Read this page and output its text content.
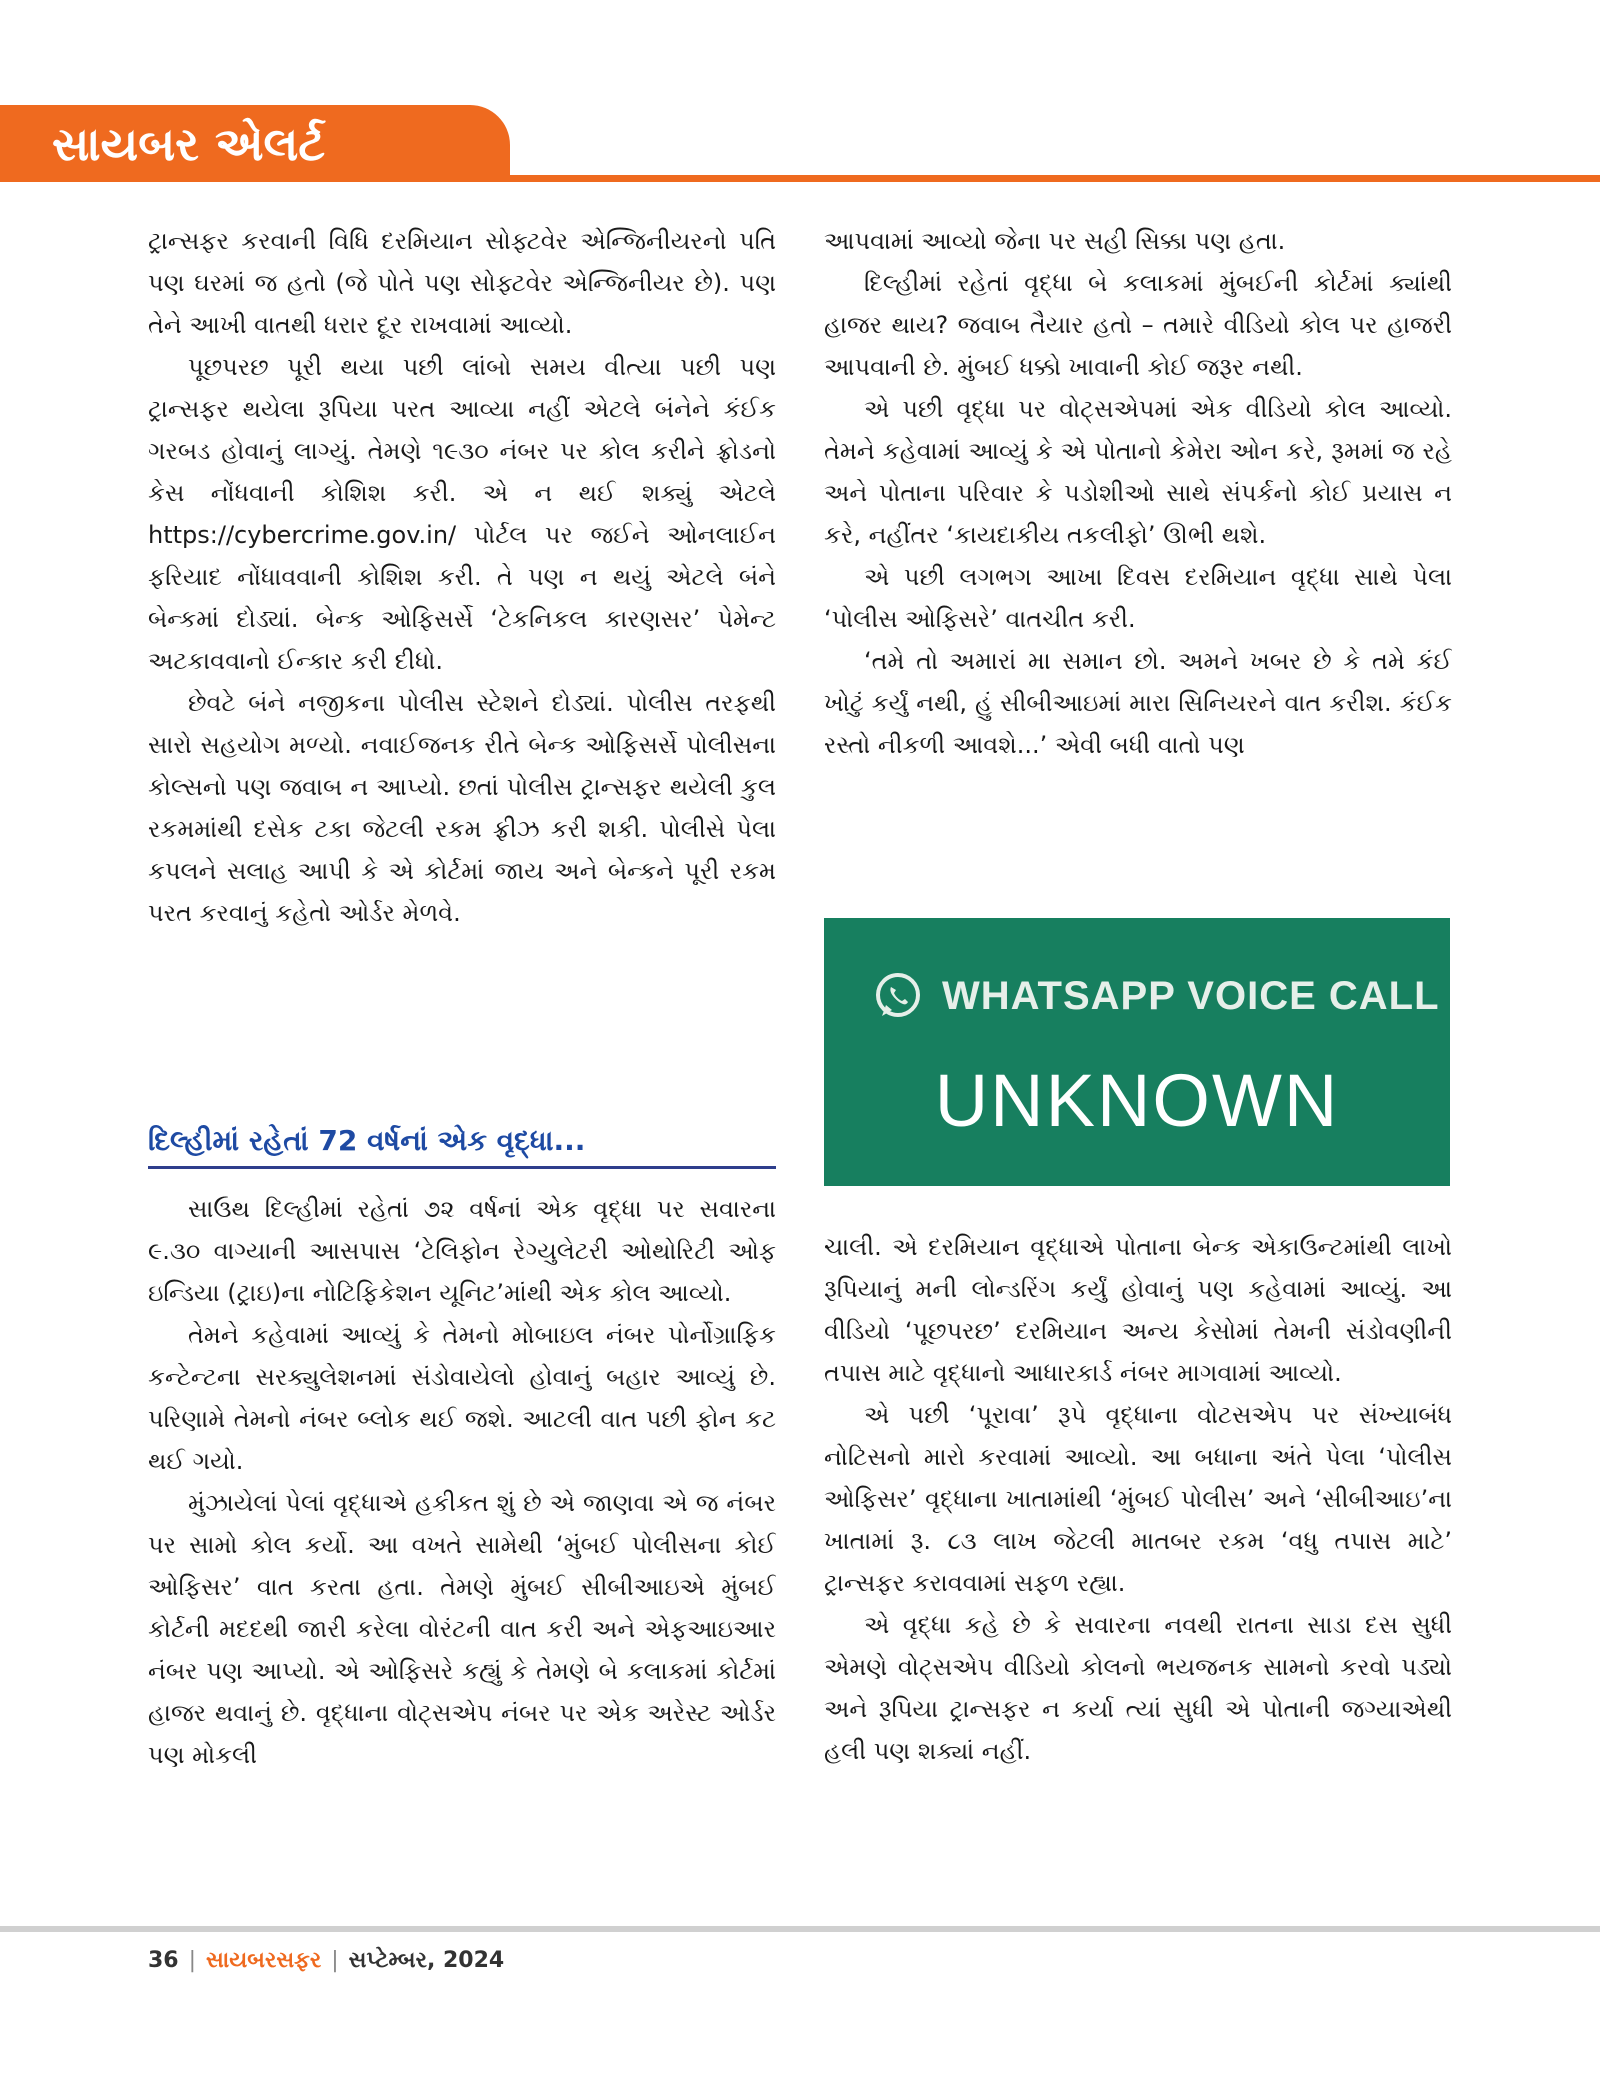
સાયબર એલર્ટ

ટ્રાન્સફર કરવાની વિધિ દરમિયાન સોફ્ટવેર એન્જિનીયરનો પતિ પણ ઘરમાં જ હતો (જે પોતે પણ સોફ્ટવેર એન્જિનીયર છે). પણ તેને આખી વાતથી ધરાર દૂર રાખવામાં આવ્યો.

પૂછપરછ પૂરી થયા પછી લાંબો સમય વીત્યા પછી પણ ટ્રાન્સફર થયેલા રૂપિયા પરત આવ્યા નહીં એટલે બંનેને કંઈક ગરબડ હોવાનું લાગ્યું. તેમણે ૧૯૩૦ નંબર પર કોલ કરીને ફ્રોડનો કેસ નોંધવાની કોશિશ કરી. એ ન થઈ શક્યું એટલે https://cybercrime.gov.in/ પોર્ટલ પર જઈને ઓનલાઈન ફરિયાદ નોંધાવવાની કોશિશ કરી. તે પણ ન થયું એટલે બંને બેન્કમાં દોડ્યાં. બેન્ક ઓફિસર્સે ‘ટેકનિકલ કારણસર’ પેમેન્ટ અટકાવવાનો ઈન્કાર કરી દીધો.

છેવટે બંને નજીકના પોલીસ સ્ટેશને દોડ્યાં. પોલીસ તરફથી સારો સહયોગ મળ્યો. નવાઈજનક રીતે બેન્ક ઓફિસર્સે પોલીસના કોલ્સનો પણ જવાબ ન આપ્યો. છતાં પોલીસ ટ્રાન્સફર થયેલી કુલ રકમમાંથી દસેક ટકા જેટલી રકમ ફ્રીઝ કરી શકી. પોલીસે પેલા કપલને સલાહ આપી કે એ કોર્ટમાં જાય અને બેન્કને પૂરી રકમ પરત કરવાનું કહેતો ઓર્ડર મેળવે.

દિલ્હીમાં રહેતાં 72 વર્ષનાં એક વૃદ્ધા...

સાઉથ દિલ્હીમાં રહેતાં ૭૨ વર્ષનાં એક વૃદ્ધા પર સવારના ૯.૩૦ વાગ્યાની આસપાસ ‘ટેલિફોન રેગ્યુલેટરી ઓથોરિટી ઓફ ઇન્ડિયા (ટ્રાઇ)ના નોટિફિકેશન યૂનિટ’માંથી એક કોલ આવ્યો.

તેમને કહેવામાં આવ્યું કે તેમનો મોબાઇલ નંબર પોર્નોગ્રાફિક કન્ટેન્ટના સરક્યુલેશનમાં સંડોવાયેલો હોવાનું બહાર આવ્યું છે. પરિણામે તેમનો નંબર બ્લોક થઈ જશે. આટલી વાત પછી ફોન કટ થઈ ગયો.

મુંઝાયેલાં પેલાં વૃદ્ધાએ હકીકત શું છે એ જાણવા એ જ નંબર પર સામો કોલ કર્યો. આ વખતે સામેથી ‘મુંબઈ પોલીસના કોઈ ઓફિસર’ વાત કરતા હતા. તેમણે મુંબઈ સીબીઆઇએ મુંબઈ કોર્ટની મદદથી જારી કરેલા વોરંટની વાત કરી અને એફઆઇઆર નંબર પણ આપ્યો. એ ઓફિસરે કહ્યું કે તેમણે બે કલાકમાં કોર્ટમાં હાજર થવાનું છે. વૃદ્ધાના વોટ્સએપ નંબર પર એક અરેસ્ટ ઓર્ડર પણ મોકલી

આપવામાં આવ્યો જેના પર સહી સિક્કા પણ હતા.

દિલ્હીમાં રહેતાં વૃદ્ધા બે કલાકમાં મુંબઈની કોર્ટમાં ક્યાંથી હાજર થાય? જવાબ તૈયાર હતો – તમારે વીડિયો કોલ પર હાજરી આપવાની છે. મુંબઈ ધક્કો ખાવાની કોઈ જરૂર નથી.

એ પછી વૃદ્ધા પર વોટ્સએપમાં એક વીડિયો કોલ આવ્યો. તેમને કહેવામાં આવ્યું કે એ પોતાનો કેમેરા ઓન કરે, રૂમમાં જ રહે અને પોતાના પરિવાર કે પડોશીઓ સાથે સંપર્કનો કોઈ પ્રયાસ ન કરે, નહીંતર ‘કાયદાકીય તકલીફો’ ઊભી થશે.

એ પછી લગભગ આખા દિવસ દરમિયાન વૃદ્ધા સાથે પેલા ‘પોલીસ ઓફિસરે’ વાતચીત કરી.

‘તમે તો અમારાં મા સમાન છો. અમને ખબર છે કે તમે કંઈ ખોટું કર્યું નથી, હું સીબીઆઇમાં મારા સિનિયરને વાત કરીશ. કંઈક રસ્તો નીકળી આવશે...’ એવી બધી વાતો પણ

WHATSAPP VOICE CALL
UNKNOWN

ચાલી. એ દરમિયાન વૃદ્ધાએ પોતાના બેન્ક એકાઉન્ટમાંથી લાખો રૂપિયાનું મની લોન્ડરિંગ કર્યું હોવાનું પણ કહેવામાં આવ્યું. આ વીડિયો ‘પૂછપરછ’ દરમિયાન અન્ય કેસોમાં તેમની સંડોવણીની તપાસ માટે વૃદ્ધાનો આધારકાર્ડ નંબર માગવામાં આવ્યો.

એ પછી ‘પૂરાવા’ રૂપે વૃદ્ધાના વોટસએપ પર સંખ્યાબંધ નોટિસનો મારો કરવામાં આવ્યો. આ બધાના અંતે પેલા ‘પોલીસ ઓફિસર’ વૃદ્ધાના ખાતામાંથી ‘મુંબઈ પોલીસ’ અને ‘સીબીઆઇ’ના ખાતામાં રૂ. ૮૩ લાખ જેટલી માતબર રકમ ‘વધુ તપાસ માટે’ ટ્રાન્સફર કરાવવામાં સફળ રહ્યા.

એ વૃદ્ધા કહે છે કે સવારના નવથી રાતના સાડા દસ સુધી એમણે વોટ્સએપ વીડિયો કોલનો ભયજનક સામનો કરવો પડ્યો અને રૂપિયા ટ્રાન્સફર ન કર્યા ત્યાં સુધી એ પોતાની જગ્યાએથી હલી પણ શક્યાં નહીં.

36 | સાયબરસફર | સપ્ટેમ્બર, 2024
